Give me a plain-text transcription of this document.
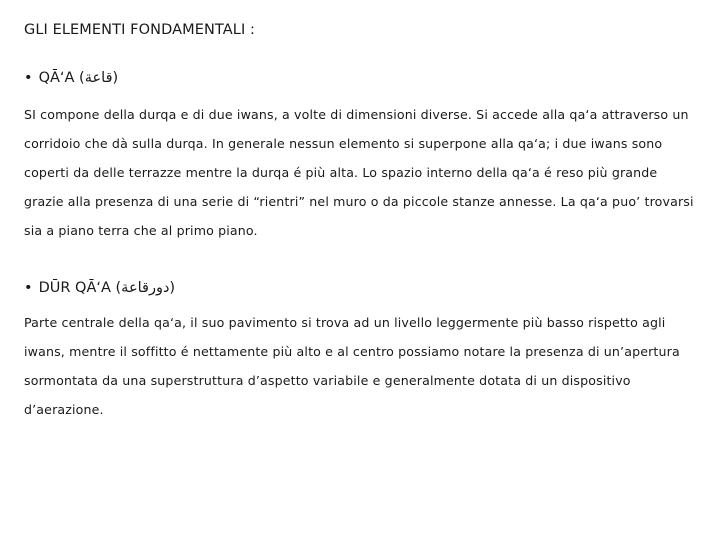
GLI ELEMENTI FONDAMENTALI :
• QĀʻA (قاعة)
SI compone della durqa e di due iwans, a volte di dimensioni diverse. Si accede alla qa‘a attraverso un corridoio che dà sulla durqa. In generale nessun elemento si superpone alla qa‘a; i due iwans sono coperti da delle terrazze mentre la durqa é più alta. Lo spazio interno della qa‘a é reso più grande grazie alla presenza di una serie di “rientri” nel muro o da piccole stanze annesse. La qa‘a puo’ trovarsi sia a piano terra che al primo piano.
• DŪR QĀʻA (دورقاعة)
Parte centrale della qa‘a, il suo pavimento si trova ad un livello leggermente più basso rispetto agli iwans, mentre il soffitto é nettamente più alto e al centro possiamo notare la presenza di un’apertura sormontata da una superstruttura d’aspetto variabile e generalmente dotata di un dispositivo d’aerazione.
